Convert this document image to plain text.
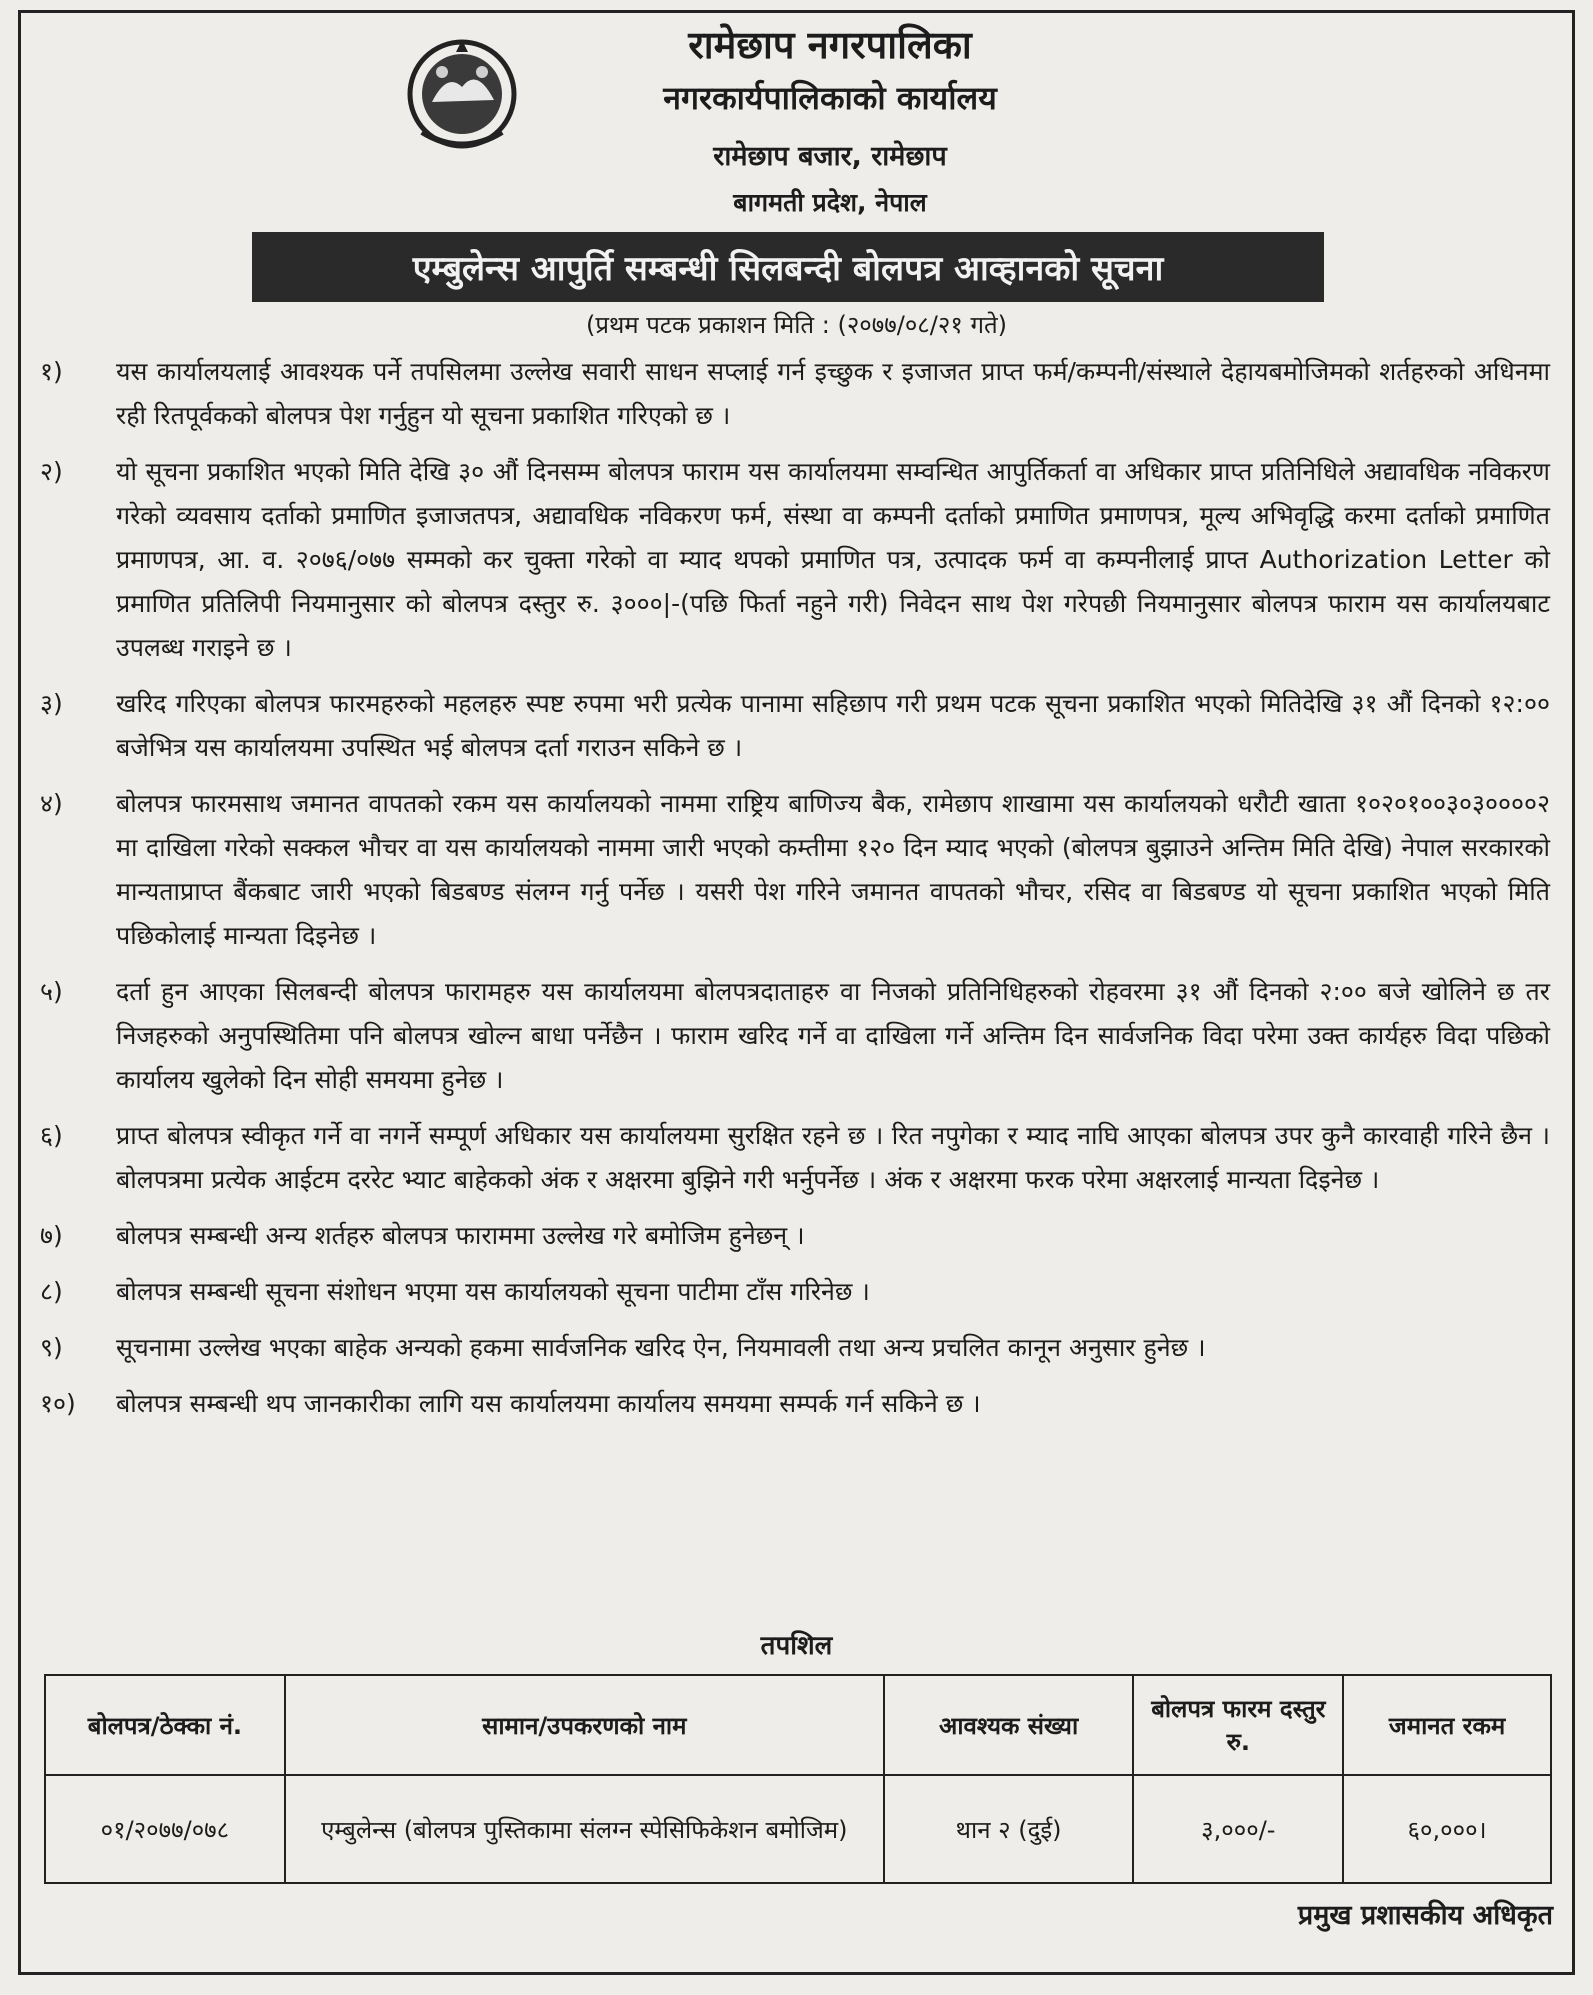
रामेछाप नगरपालिका
नगरकार्यपालिकाको कार्यालय
रामेछाप बजार, रामेछाप
बागमती प्रदेश, नेपाल
एम्बुलेन्स आपुर्ति सम्बन्धी सिलबन्दी बोलपत्र आव्हानको सूचना
(प्रथम पटक प्रकाशन मिति : (२०७७/०८/२१ गते)
१)	यस कार्यालयलाई आवश्यक पर्ने तपसिलमा उल्लेख सवारी साधन सप्लाई गर्न इच्छुक र इजाजत प्राप्त फर्म/कम्पनी/संस्थाले देहायबमोजिमको शर्तहरुको अधिनमा रही रितपूर्वकको बोलपत्र पेश गर्नुहुन यो सूचना प्रकाशित गरिएको छ ।
२)	यो सूचना प्रकाशित भएको मिति देखि ३० औं दिनसम्म बोलपत्र फाराम यस कार्यालयमा सम्वन्धित आपुर्तिकर्ता वा अधिकार प्राप्त प्रतिनिधिले अद्यावधिक नविकरण गरेको व्यवसाय दर्ताको प्रमाणित इजाजतपत्र, अद्यावधिक नविकरण फर्म, संस्था वा कम्पनी दर्ताको प्रमाणित प्रमाणपत्र, मूल्य अभिवृद्धि करमा दर्ताको प्रमाणित प्रमाणपत्र, आ. व. २०७६/०७७ सम्मको कर चुक्ता गरेको वा म्याद थपको प्रमाणित पत्र, उत्पादक फर्म वा कम्पनीलाई प्राप्त Authorization Letter को प्रमाणित प्रतिलिपी नियमानुसार को बोलपत्र दस्तुर रु. ३०००|-(पछि फिर्ता नहुने गरी) निवेदन साथ पेश गरेपछी नियमानुसार बोलपत्र फाराम यस कार्यालयबाट उपलब्ध गराइने छ ।
३)	खरिद गरिएका बोलपत्र फारमहरुको महलहरु स्पष्ट रुपमा भरी प्रत्येक पानामा सहिछाप गरी प्रथम पटक सूचना प्रकाशित भएको मितिदेखि ३१ औं दिनको १२:०० बजेभित्र यस कार्यालयमा उपस्थित भई बोलपत्र दर्ता गराउन सकिने छ ।
४)	बोलपत्र फारमसाथ जमानत वापतको रकम यस कार्यालयको नाममा राष्ट्रिय बाणिज्य बैक, रामेछाप शाखामा यस कार्यालयको धरौटी खाता १०२०१००३०३००००२ मा दाखिला गरेको सक्कल भौचर वा यस कार्यालयको नाममा जारी भएको कम्तीमा १२० दिन म्याद भएको (बोलपत्र बुझाउने अन्तिम मिति देखि) नेपाल सरकारको मान्यताप्राप्त बैंकबाट जारी भएको बिडबण्ड संलग्न गर्नु पर्नेछ । यसरी पेश गरिने जमानत वापतको भौचर, रसिद वा बिडबण्ड यो सूचना प्रकाशित भएको मिति पछिकोलाई मान्यता दिइनेछ ।
५)	दर्ता हुन आएका सिलबन्दी बोलपत्र फारामहरु यस कार्यालयमा बोलपत्रदाताहरु वा निजको प्रतिनिधिहरुको रोहवरमा ३१ औं दिनको २:०० बजे खोलिने छ तर निजहरुको अनुपस्थितिमा पनि बोलपत्र खोल्न बाधा पर्नेछैन । फाराम खरिद गर्ने वा दाखिला गर्ने अन्तिम दिन सार्वजनिक विदा परेमा उक्त कार्यहरु विदा पछिको कार्यालय खुलेको दिन सोही समयमा हुनेछ ।
६)	प्राप्त बोलपत्र स्वीकृत गर्ने वा नगर्ने सम्पूर्ण अधिकार यस कार्यालयमा सुरक्षित रहने छ । रित नपुगेका र म्याद नाघि आएका बोलपत्र उपर कुनै कारवाही गरिने छैन । बोलपत्रमा प्रत्येक आईटम दररेट भ्याट बाहेकको अंक र अक्षरमा बुझिने गरी भर्नुपर्नेछ । अंक र अक्षरमा फरक परेमा अक्षरलाई मान्यता दिइनेछ ।
७)	बोलपत्र सम्बन्धी अन्य शर्तहरु बोलपत्र फाराममा उल्लेख गरे बमोजिम हुनेछन् ।
८)	बोलपत्र सम्बन्धी सूचना संशोधन भएमा यस कार्यालयको सूचना पाटीमा टाँस गरिनेछ ।
९)	सूचनामा उल्लेख भएका बाहेक अन्यको हकमा सार्वजनिक खरिद ऐन, नियमावली तथा अन्य प्रचलित कानून अनुसार हुनेछ ।
१०)	बोलपत्र सम्बन्धी थप जानकारीका लागि यस कार्यालयमा कार्यालय समयमा सम्पर्क गर्न सकिने छ ।
तपशिल
बोलपत्र/ठेक्का नं.	सामान/उपकरणको नाम	आवश्यक संख्या	बोलपत्र फारम दस्तुर रु.	जमानत रकम
०१/२०७७/०७८	एम्बुलेन्स (बोलपत्र पुस्तिकामा संलग्न स्पेसिफिकेशन बमोजिम)	थान २ (दुई)	३,०००/-	६०,०००।
प्रमुख प्रशासकीय अधिकृत
